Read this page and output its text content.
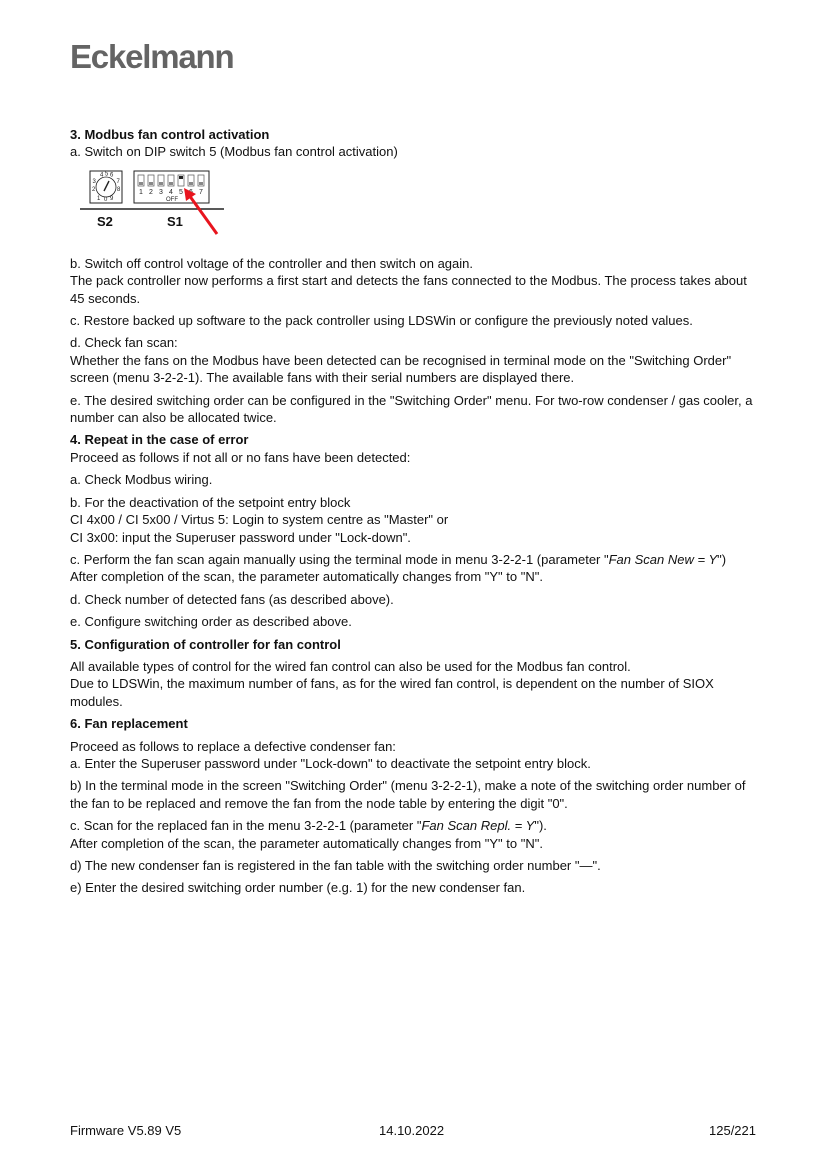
Eckelmann
3. Modbus fan control activation
a. Switch on DIP switch 5 (Modbus fan control activation)
4 5 6
3	7
2	8
1 0 9
1 2 3 4 5 7
OFF
S2	S1
b. Switch off control voltage of the controller and then switch on again.

The pack controller now performs a first start and detects the fans connected to the Modbus. The process takes about 45 seconds.

c. Restore backed up software to the pack controller using LDSWin or configure the previously noted values.

d. Check fan scan:

Whether the fans on the Modbus have been detected can be recognised in terminal mode on the "Switching Order" screen (menu 3-2-2-1). The available fans with their serial numbers are displayed there.

e. The desired switching order can be configured in the "Switching Order" menu. For two-row condenser / gas cooler, a number can also be allocated twice.

4. Repeat in the case of error

Proceed as follows if not all or no fans have been detected:

a. Check Modbus wiring.

b. For the deactivation of the setpoint entry block
CI 4x00 / CI 5x00 / Virtus 5: Login to system centre as "Master" or

CI 3x00: input the Superuser password under "Lock-down".

c. Perform the fan scan again manually using the terminal mode in menu 3-2-2-1 (parameter "Fan Scan New = Y")

After completion of the scan, the parameter automatically changes from "Y" to "N".

d. Check number of detected fans (as described above).

e. Configure switching order as described above.

5. Configuration of controller for fan control
All available types of control for the wired fan control can also be used for the Modbus fan control.

Due to LDSWin, the maximum number of fans, as for the wired fan control, is dependent on the number of SIOX modules.

6. Fan replacement
Proceed as follows to replace a defective condenser fan:

a. Enter the Superuser password under "Lock-down" to deactivate the setpoint entry block.

b) In the terminal mode in the screen "Switching Order" (menu 3-2-2-1), make a note of the switching order number of the fan to be replaced and remove the fan from the node table by entering the digit "0".

c. Scan for the replaced fan in the menu 3-2-2-1 (parameter "Fan Scan Repl. = Y").

After completion of the scan, the parameter automatically changes from "Y" to "N".

d) The new condenser fan is registered in the fan table with the switching order number "—".

e) Enter the desired switching order number (e.g. 1) for the new condenser fan.

Firmware V5.89 V5	14.10.2022	125/221
